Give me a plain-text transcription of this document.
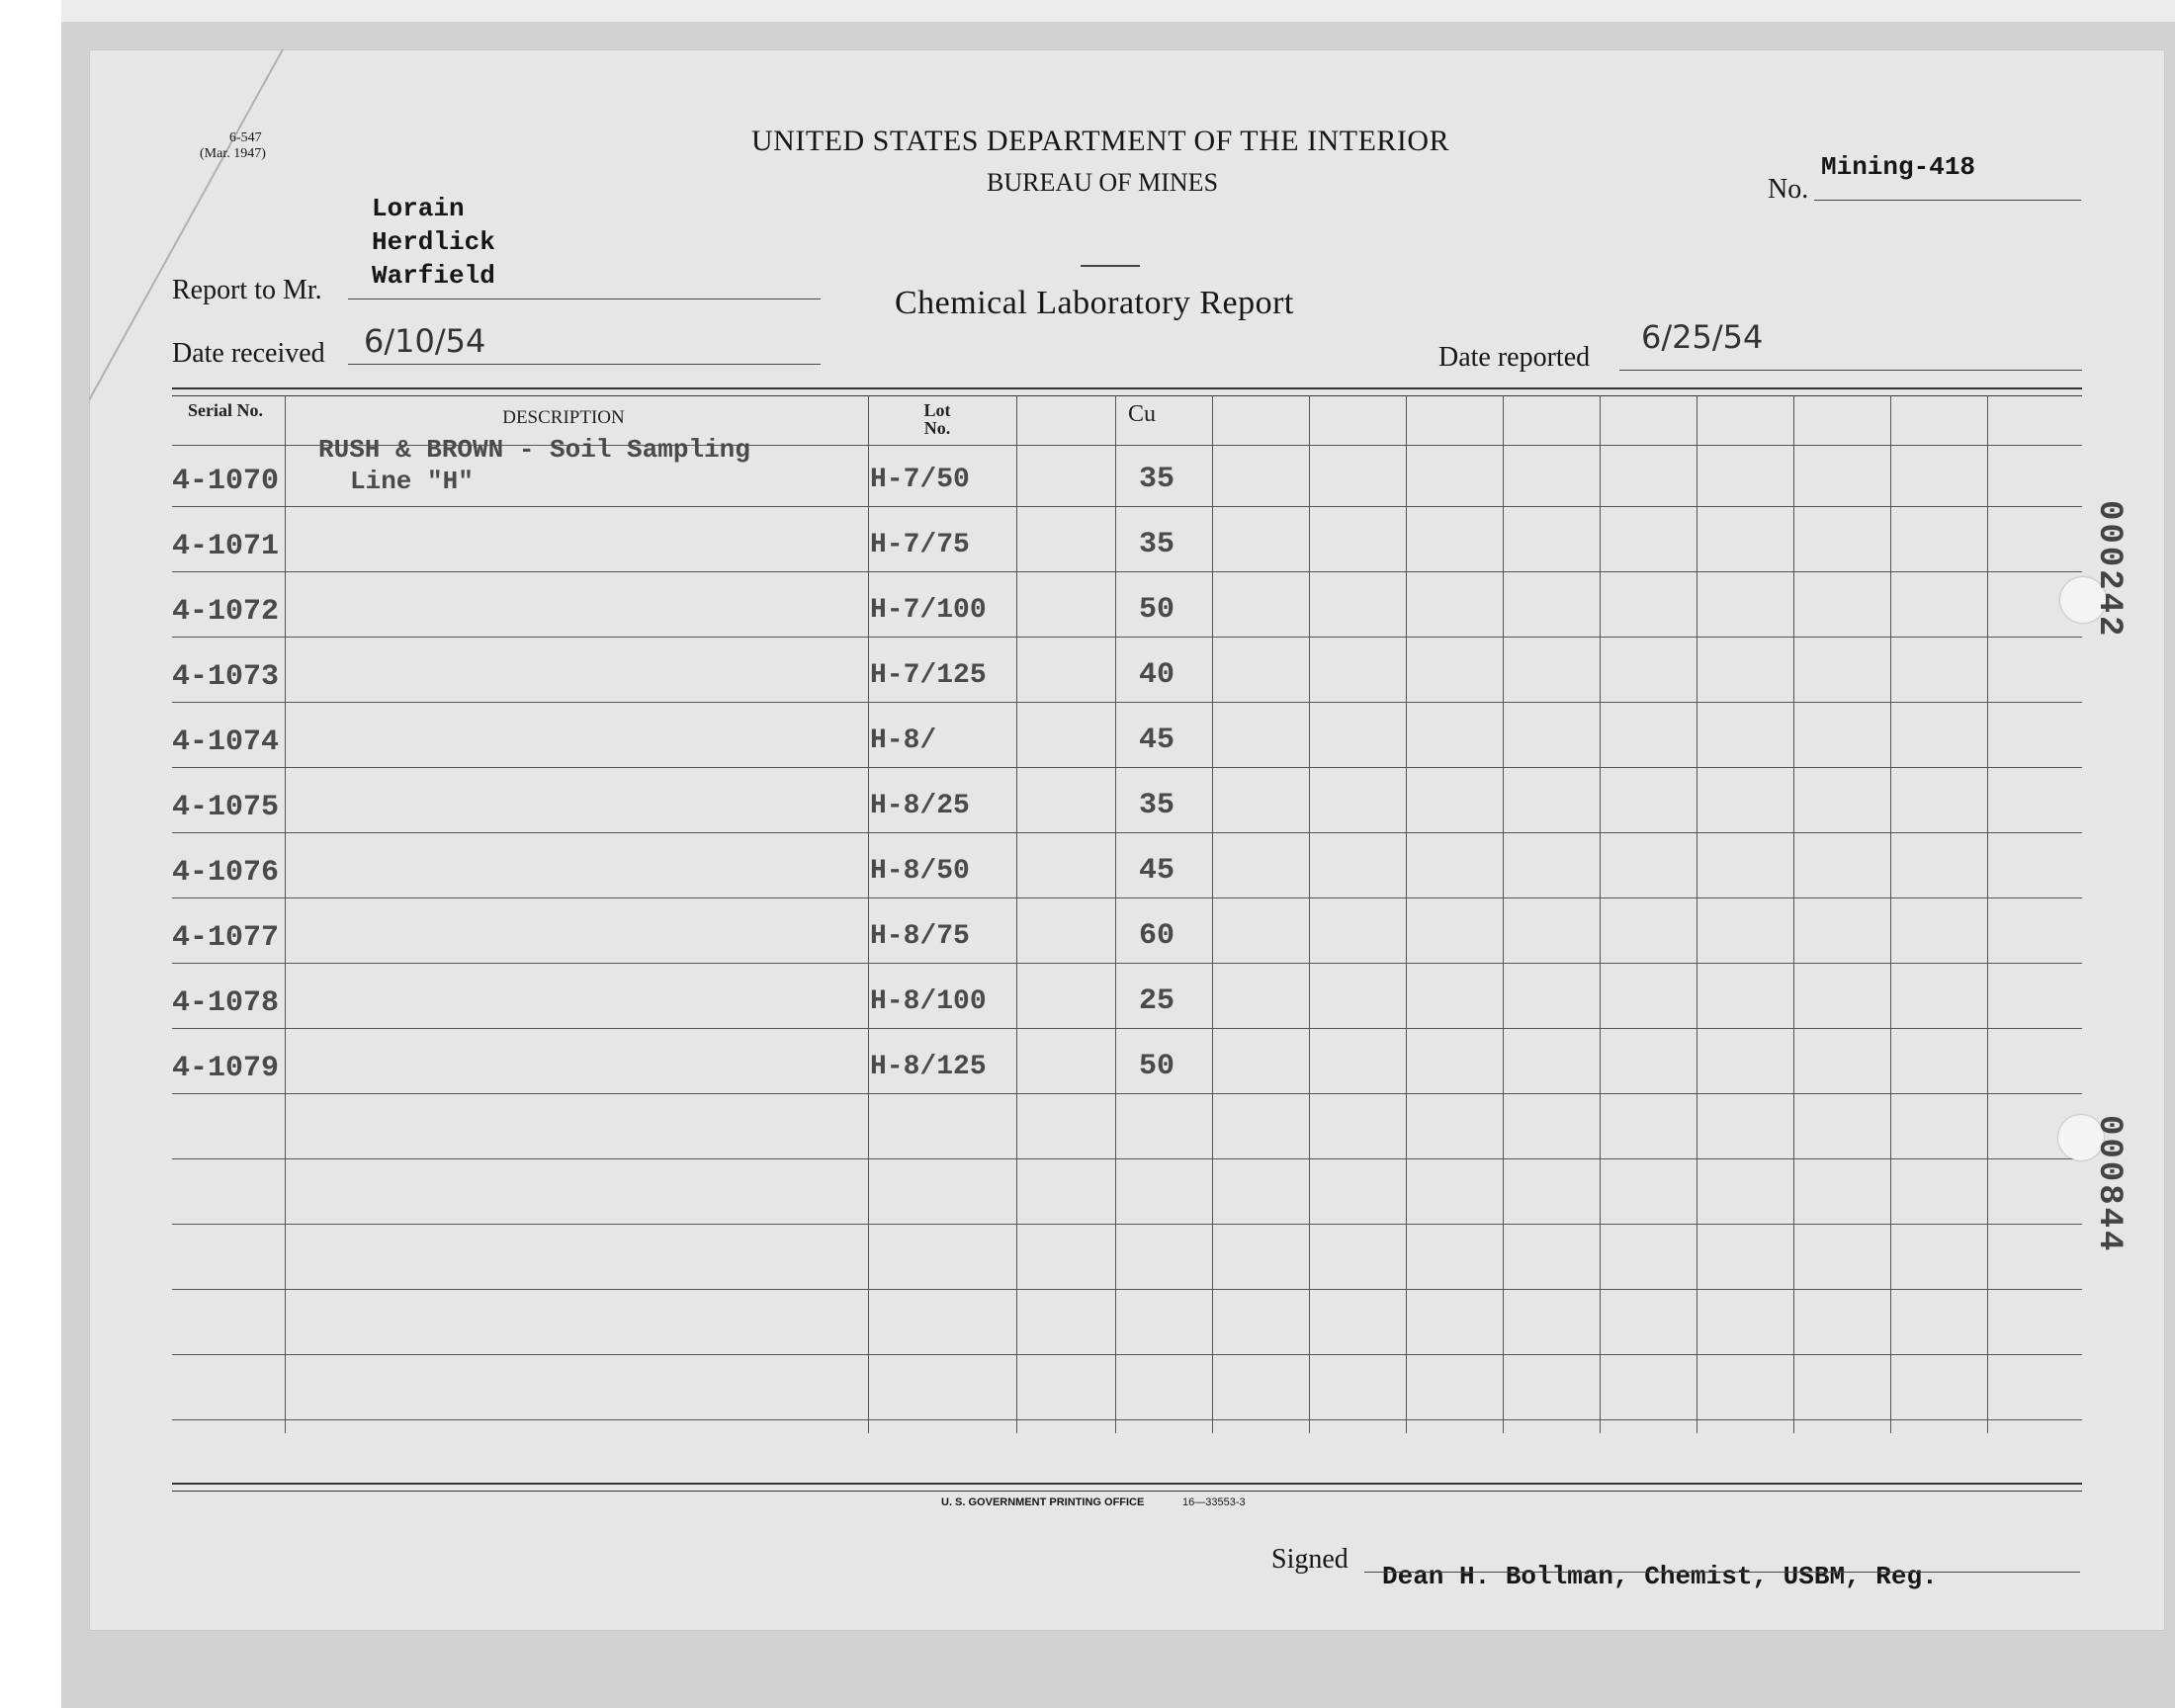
6-547
(Mar. 1947)	UNITED STATES DEPARTMENT OF THE INTERIOR
BUREAU OF MINES
Chemical Laboratory Report
No.
Mining-418
Lorain
Herdlick
Warfield
Report to Mr.
Date received 6/10/54	Date reported
6/25/54
Serial No.	DESCRIPTION	Lot No.
Cu
RUSH & BROWN - Soil Sampling
Line "H"
4-1070	H-7/50	35
4-1071	H-7/75	35
4-1072	H-7/100	50
4-1073	H-7/125	40
4-1074	H-8/	45
4-1075	H-8/25	35
4-1076	H-8/50	45
4-1077	H-8/75	60
4-1078	H-8/100	25
4-1079	H-8/125	50
U. S. GOVERNMENT PRINTING OFFICE	16—33553-3
Signed
Dean H. Bollman, Chemist, USBM, Reg.
000242
000844
